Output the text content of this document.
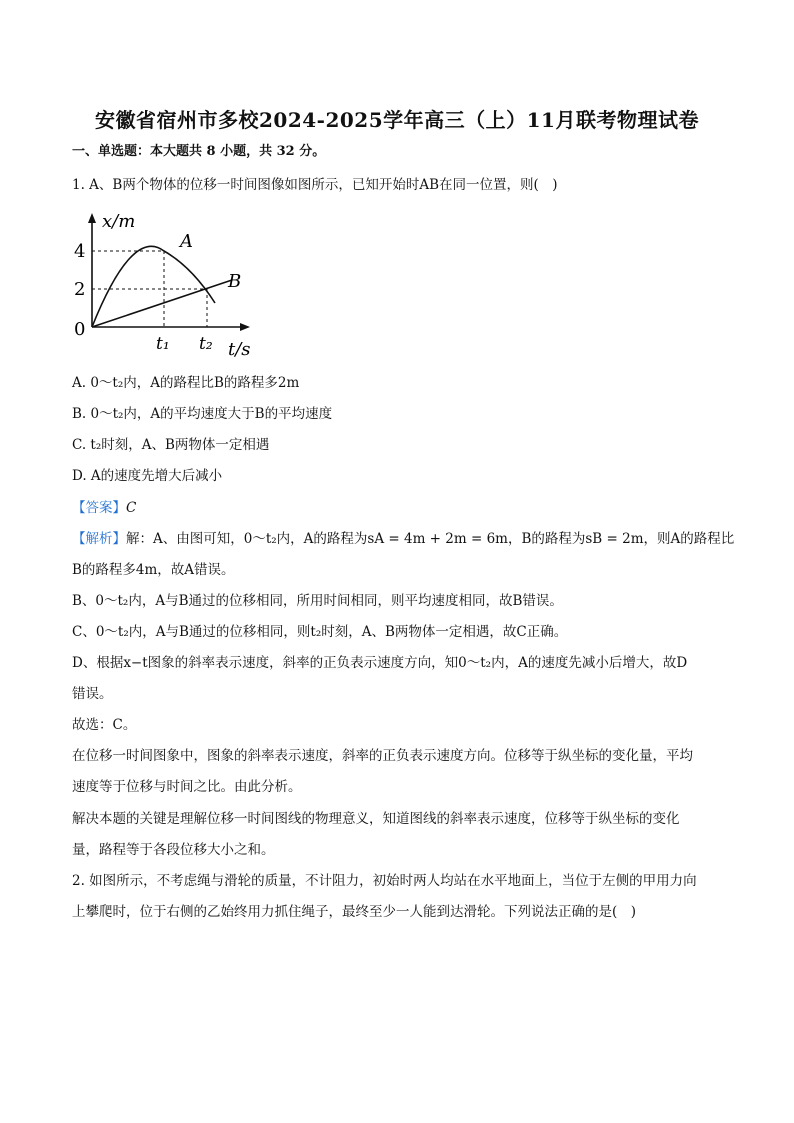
安徽省宿州市多校2024-2025学年高三（上）11月联考物理试卷
一、单选题：本大题共 8 小题，共 32 分。
1. A、B两个物体的位移一时间图像如图所示，已知开始时AB在同一位置，则(　)
x/m
t/s
4
2
0
t₁ t₂
A
B
A. 0～t₂内，A的路程比B的路程多2m
B. 0～t₂内，A的平均速度大于B的平均速度
C. t₂时刻，A、B两物体一定相遇
D. A的速度先增大后减小
【答案】C
【解析】解：A、由图可知，0～t₂内，A的路程为sA = 4m + 2m = 6m，B的路程为sB = 2m，则A的路程比
B的路程多4m，故A错误。
B、0～t₂内，A与B通过的位移相同，所用时间相同，则平均速度相同，故B错误。
C、0～t₂内，A与B通过的位移相同，则t₂时刻，A、B两物体一定相遇，故C正确。
D、根据x−t图象的斜率表示速度，斜率的正负表示速度方向，知0～t₂内，A的速度先减小后增大，故D
错误。
故选：C。
在位移一时间图象中，图象的斜率表示速度，斜率的正负表示速度方向。位移等于纵坐标的变化量，平均
速度等于位移与时间之比。由此分析。
解决本题的关键是理解位移一时间图线的物理意义，知道图线的斜率表示速度，位移等于纵坐标的变化
量，路程等于各段位移大小之和。
2. 如图所示，不考虑绳与滑轮的质量，不计阻力，初始时两人均站在水平地面上，当位于左侧的甲用力向
上攀爬时，位于右侧的乙始终用力抓住绳子，最终至少一人能到达滑轮。下列说法正确的是(　)
